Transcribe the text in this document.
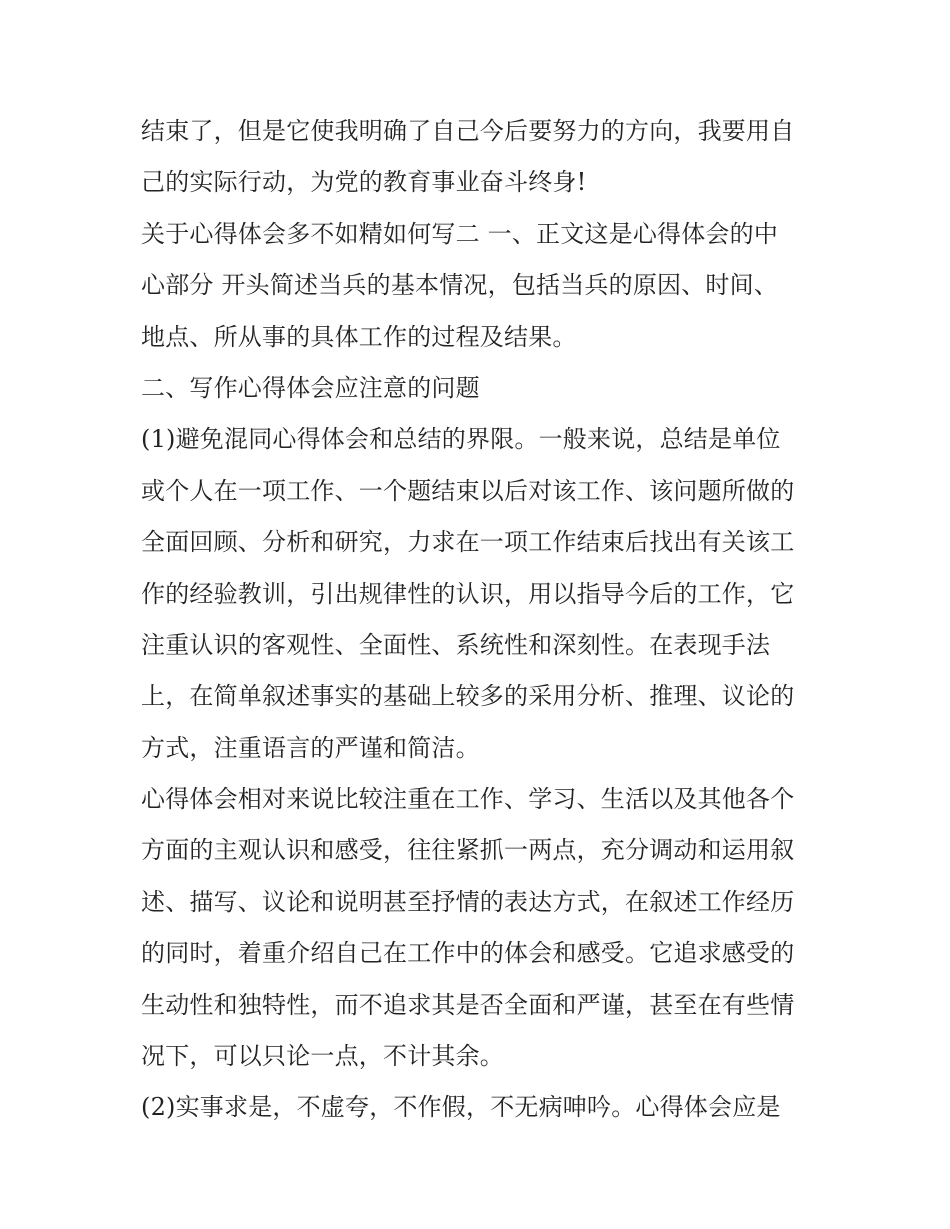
结束了，但是它使我明确了自己今后要努力的方向，我要用自
己的实际行动，为党的教育事业奋斗终身!
关于心得体会多不如精如何写二 一、正文这是心得体会的中
心部分 开头简述当兵的基本情况，包括当兵的原因、时间、
地点、所从事的具体工作的过程及结果。
二、写作心得体会应注意的问题
(1)避免混同心得体会和总结的界限。一般来说，总结是单位
或个人在一项工作、一个题结束以后对该工作、该问题所做的
全面回顾、分析和研究，力求在一项工作结束后找出有关该工
作的经验教训，引出规律性的认识，用以指导今后的工作，它
注重认识的客观性、全面性、系统性和深刻性。在表现手法
上，在简单叙述事实的基础上较多的采用分析、推理、议论的
方式，注重语言的严谨和简洁。
心得体会相对来说比较注重在工作、学习、生活以及其他各个
方面的主观认识和感受，往往紧抓一两点，充分调动和运用叙
述、描写、议论和说明甚至抒情的表达方式，在叙述工作经历
的同时，着重介绍自己在工作中的体会和感受。它追求感受的
生动性和独特性，而不追求其是否全面和严谨，甚至在有些情
况下，可以只论一点，不计其余。
(2)实事求是，不虚夸，不作假，不无病呻吟。心得体会应是
